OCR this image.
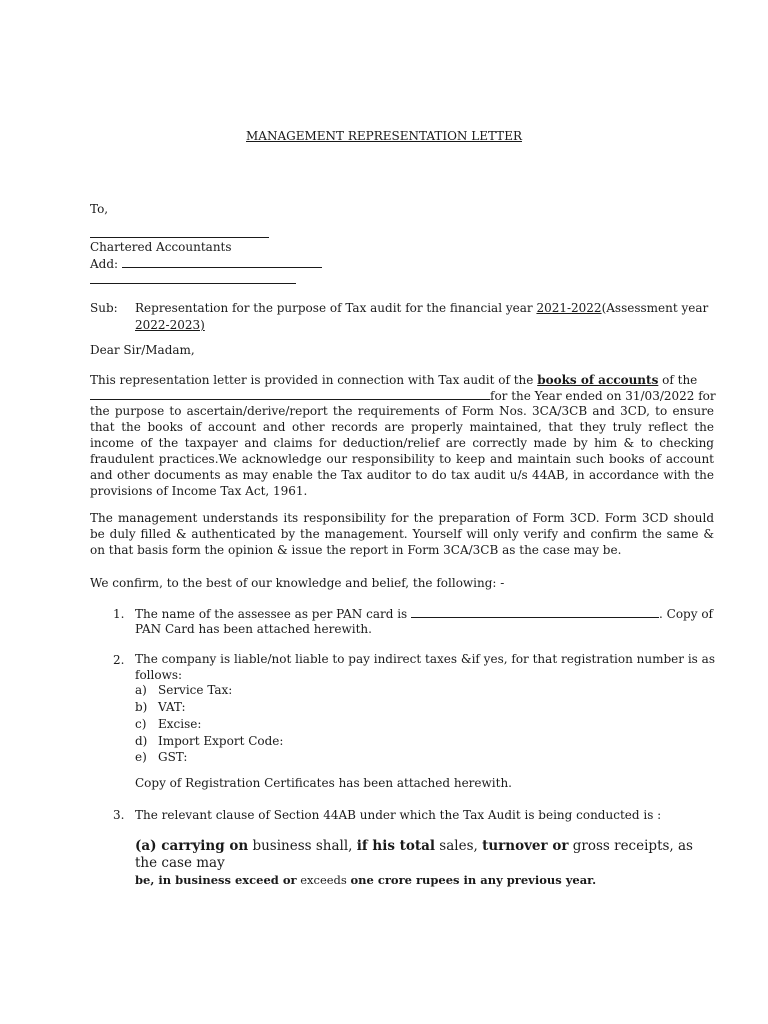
MANAGEMENT REPRESENTATION LETTER
To,
Chartered Accountants
Add:
Sub: Representation for the purpose of Tax audit for the financial year 2021-2022(Assessment year
2022-2023)
Dear Sir/Madam,
This representation letter is provided in connection with Tax audit of the books of accounts of the
for the Year ended on 31/03/2022 for
the purpose to ascertain/derive/report the requirements of Form Nos. 3CA/3CB and 3CD, to ensure that the books of account and other records are properly maintained, that they truly reflect the income of the taxpayer and claims for deduction/relief are correctly made by him & to checking fraudulent practices.We acknowledge our responsibility to keep and maintain such books of account and other documents as may enable the Tax auditor to do tax audit u/s 44AB, in accordance with the provisions of Income Tax Act, 1961.
The management understands its responsibility for the preparation of Form 3CD. Form 3CD should be duly filled & authenticated by the management. Yourself will only verify and confirm the same & on that basis form the opinion & issue the report in Form 3CA/3CB as the case may be.
We confirm, to the best of our knowledge and belief, the following: -
1. The name of the assessee as per PAN card is	. Copy of
PAN Card has been attached herewith.
2. The company is liable/not liable to pay indirect taxes &if yes, for that registration number is as follows:
a) Service Tax:
b) VAT:
c) Excise:
d) Import Export Code:
e) GST:
Copy of Registration Certificates has been attached herewith.
3. The relevant clause of Section 44AB under which the Tax Audit is being conducted is :
(a) carrying on business shall, if his total sales, turnover or gross receipts, as the case may
be, in business exceed or exceeds one crore rupees in any previous year.
